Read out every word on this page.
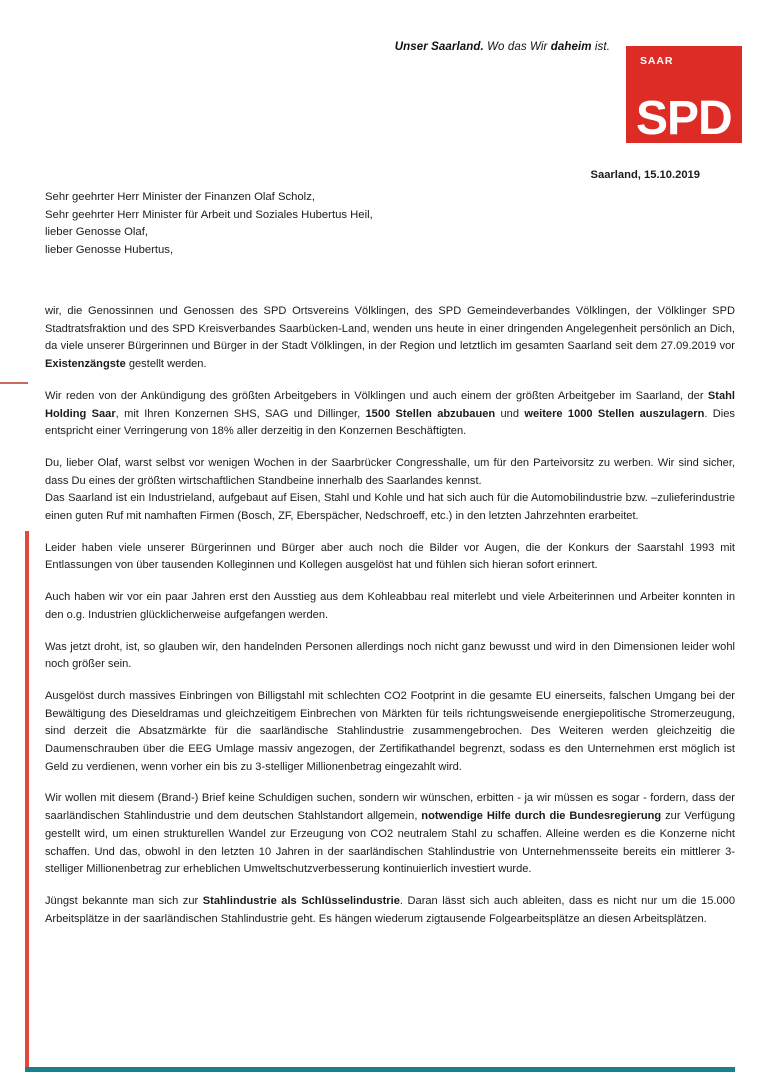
Unser Saarland. Wo das Wir daheim ist.
SAAR
SPD
Saarland, 15.10.2019
Sehr geehrter Herr Minister der Finanzen Olaf Scholz,
Sehr geehrter Herr Minister für Arbeit und Soziales Hubertus Heil,
lieber Genosse Olaf,
lieber Genosse Hubertus,

wir, die Genossinnen und Genossen des SPD Ortsvereins Völklingen, des SPD Gemeindeverbandes Völklingen, der Völklinger SPD Stadtratsfraktion und des SPD Kreisverbandes Saarbücken-Land, wenden uns heute in einer dringenden Angelegenheit persönlich an Dich, da viele unserer Bürgerinnen und Bürger in der Stadt Völklingen, in der Region und letztlich im gesamten Saarland seit dem 27.09.2019 vor Existenzängste gestellt werden.

Wir reden von der Ankündigung des größten Arbeitgebers in Völklingen und auch einem der größten Arbeitgeber im Saarland, der Stahl Holding Saar, mit Ihren Konzernen SHS, SAG und Dillinger, 1500 Stellen abzubauen und weitere 1000 Stellen auszulagern. Dies entspricht einer Verringerung von 18% aller derzeitig in den Konzernen Beschäftigten.

Du, lieber Olaf, warst selbst vor wenigen Wochen in der Saarbrücker Congresshalle, um für den Parteivorsitz zu werben. Wir sind sicher, dass Du eines der größten wirtschaftlichen Standbeine innerhalb des Saarlandes kennst.

Das Saarland ist ein Industrieland, aufgebaut auf Eisen, Stahl und Kohle und hat sich auch für die Automobilindustrie bzw. –zulieferindustrie einen guten Ruf mit namhaften Firmen (Bosch, ZF, Eberspächer, Nedschroeff, etc.) in den letzten Jahrzehnten erarbeitet.

Leider haben viele unserer Bürgerinnen und Bürger aber auch noch die Bilder vor Augen, die der Konkurs der Saarstahl 1993 mit Entlassungen von über tausenden Kolleginnen und Kollegen ausgelöst hat und fühlen sich hieran sofort erinnert.

Auch haben wir vor ein paar Jahren erst den Ausstieg aus dem Kohleabbau real miterlebt und viele Arbeiterinnen und Arbeiter konnten in den o.g. Industrien glücklicherweise aufgefangen werden.

Was jetzt droht, ist, so glauben wir, den handelnden Personen allerdings noch nicht ganz bewusst und wird in den Dimensionen leider wohl noch größer sein.

Ausgelöst durch massives Einbringen von Billigstahl mit schlechten CO2 Footprint in die gesamte EU einerseits, falschen Umgang bei der Bewältigung des Dieseldramas und gleichzeitigem Einbrechen von Märkten für teils richtungsweisende energiepolitische Stromerzeugung, sind derzeit die Absatzmärkte für die saarländische Stahlindustrie zusammengebrochen. Des Weiteren werden gleichzeitig die Daumenschrauben über die EEG Umlage massiv angezogen, der Zertifikathandel begrenzt, sodass es den Unternehmen erst möglich ist Geld zu verdienen, wenn vorher ein bis zu 3-stelliger Millionenbetrag eingezahlt wird.

Wir wollen mit diesem (Brand-) Brief keine Schuldigen suchen, sondern wir wünschen, erbitten - ja wir müssen es sogar - fordern, dass der saarländischen Stahlindustrie und dem deutschen Stahlstandort allgemein, notwendige Hilfe durch die Bundesregierung zur Verfügung gestellt wird, um einen strukturellen Wandel zur Erzeugung von CO2 neutralem Stahl zu schaffen. Alleine werden es die Konzerne nicht schaffen. Und das, obwohl in den letzten 10 Jahren in der saarländischen Stahlindustrie von Unternehmensseite bereits ein mittlerer 3-stelliger Millionenbetrag zur erheblichen Umweltschutzverbesserung kontinuierlich investiert wurde.

Jüngst bekannte man sich zur Stahlindustrie als Schlüsselindustrie. Daran lässt sich auch ableiten, dass es nicht nur um die 15.000 Arbeitsplätze in der saarländischen Stahlindustrie geht. Es hängen wiederum zigtausende Folgearbeitsplätze an diesen Arbeitsplätzen.
